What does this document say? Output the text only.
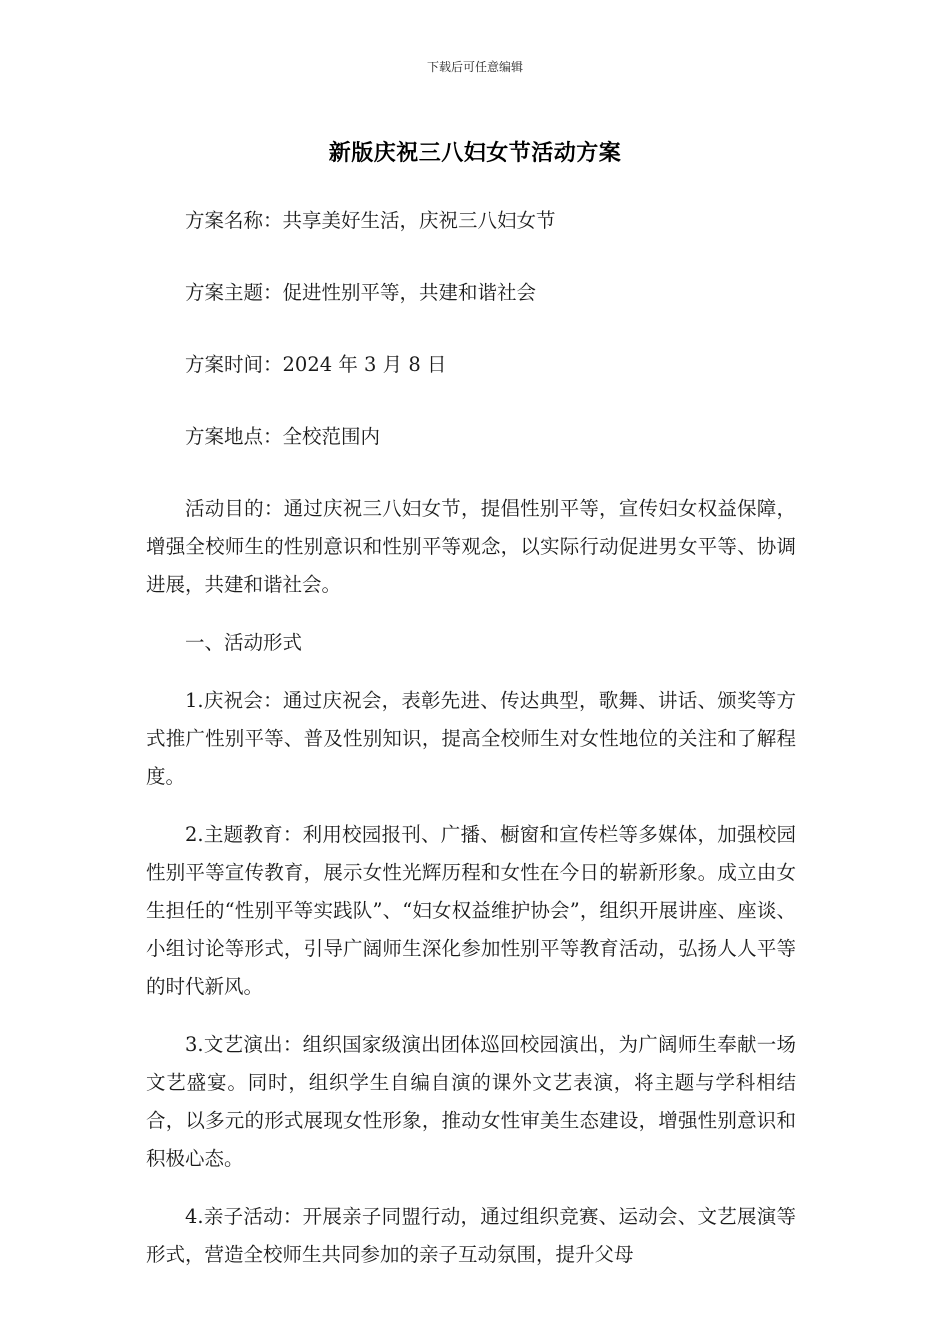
下载后可任意编辑

新版庆祝三八妇女节活动方案

方案名称：共享美好生活，庆祝三八妇女节

方案主题：促进性别平等，共建和谐社会

方案时间：2024 年 3 月 8 日

方案地点：全校范围内

活动目的：通过庆祝三八妇女节，提倡性别平等，宣传妇女权益保障，增强全校师生的性别意识和性别平等观念，以实际行动促进男女平等、协调进展，共建和谐社会。

一、活动形式

1.庆祝会：通过庆祝会，表彰先进、传达典型，歌舞、讲话、颁奖等方式推广性别平等、普及性别知识，提高全校师生对女性地位的关注和了解程度。

2.主题教育：利用校园报刊、广播、橱窗和宣传栏等多媒体，加强校园性别平等宣传教育，展示女性光辉历程和女性在今日的崭新形象。成立由女生担任的“性别平等实践队”、“妇女权益维护协会”，组织开展讲座、座谈、小组讨论等形式，引导广阔师生深化参加性别平等教育活动，弘扬人人平等的时代新风。

3.文艺演出：组织国家级演出团体巡回校园演出，为广阔师生奉献一场文艺盛宴。同时，组织学生自编自演的课外文艺表演，将主题与学科相结合，以多元的形式展现女性形象，推动女性审美生态建设，增强性别意识和积极心态。

4.亲子活动：开展亲子同盟行动，通过组织竞赛、运动会、文艺展演等形式，营造全校师生共同参加的亲子互动氛围，提升父母
